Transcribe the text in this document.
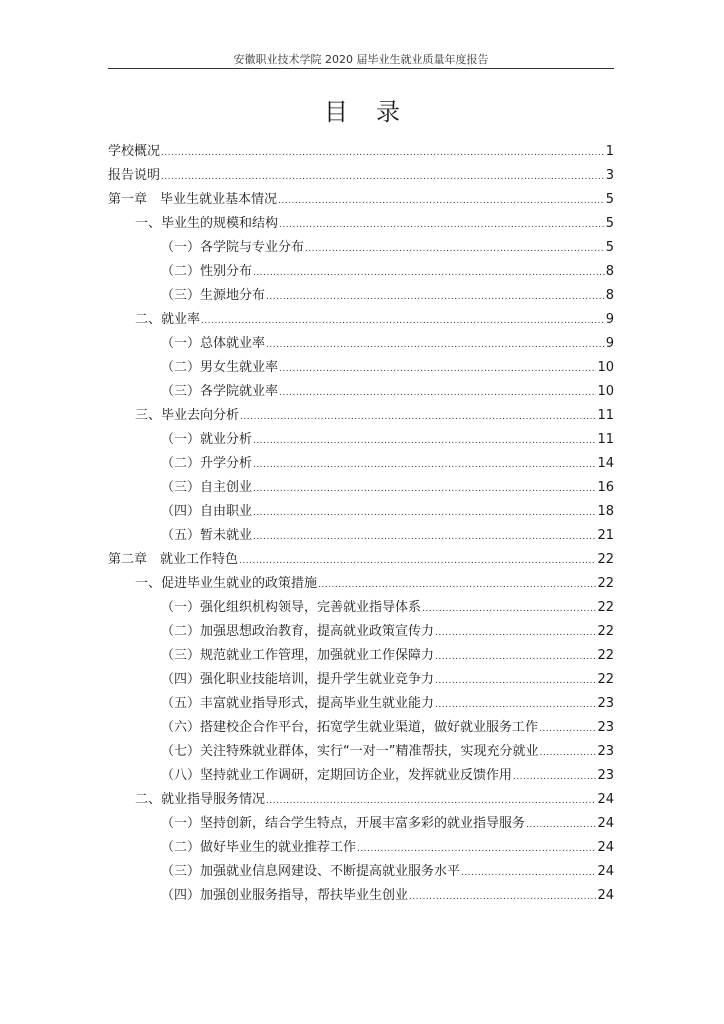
安徽职业技术学院 2020 届毕业生就业质量年度报告
目录
学校概况 .....	1
报告说明 .....	3
第一章　毕业生就业基本情况 .....	5
一、毕业生的规模和结构 .....	5
（一）各学院与专业分布 .....	5
（二）性别分布 .....	8
（三）生源地分布 .....	8
二、就业率 .....	9
（一）总体就业率 .....	9
（二）男女生就业率 .....	10
（三）各学院就业率 .....	10
三、毕业去向分析 .....	11
（一）就业分析 .....	11
（二）升学分析 .....	14
（三）自主创业 .....	16
（四）自由职业 .....	18
（五）暂未就业 .....	21
第二章　就业工作特色 .....	22
一、促进毕业生就业的政策措施 .....	22
（一）强化组织机构领导，完善就业指导体系 .....	22
（二）加强思想政治教育，提高就业政策宣传力 .....	22
（三）规范就业工作管理，加强就业工作保障力 .....	22
（四）强化职业技能培训，提升学生就业竞争力 .....	22
（五）丰富就业指导形式，提高毕业生就业能力 .....	23
（六）搭建校企合作平台，拓宽学生就业渠道，做好就业服务工作 .....	23
（七）关注特殊就业群体，实行“一对一”精准帮扶，实现充分就业 .....	23
（八）坚持就业工作调研，定期回访企业，发挥就业反馈作用 .....	23
二、就业指导服务情况 .....	24
（一）坚持创新，结合学生特点，开展丰富多彩的就业指导服务 .....	24
（二）做好毕业生的就业推荐工作 .....	24
（三）加强就业信息网建设、不断提高就业服务水平 .....	24
（四）加强创业服务指导，帮扶毕业生创业 .....	24
